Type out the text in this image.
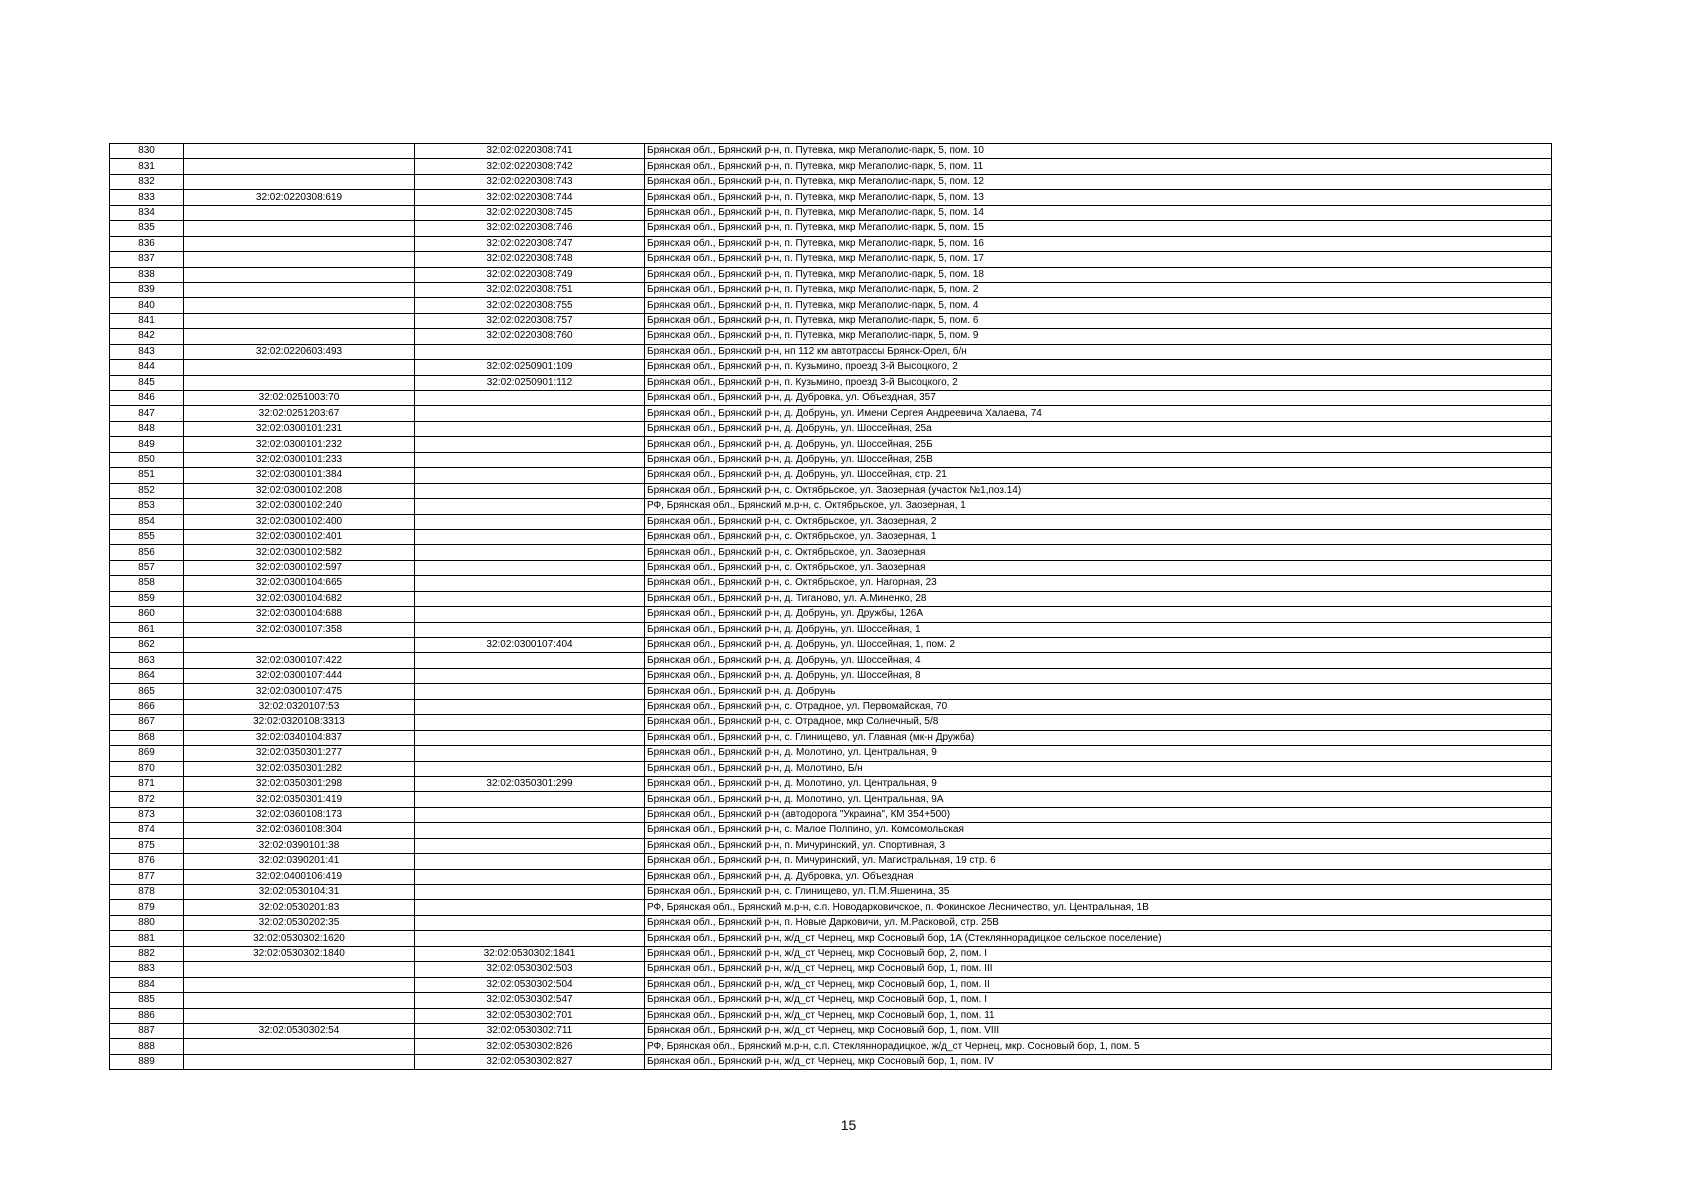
830		32:02:0220308:741	Брянская обл., Брянский р-н, п. Путевка, мкр Мегаполис-парк, 5, пом. 10
831		32:02:0220308:742	Брянская обл., Брянский р-н, п. Путевка, мкр Мегаполис-парк, 5, пом. 11
832		32:02:0220308:743	Брянская обл., Брянский р-н, п. Путевка, мкр Мегаполис-парк, 5, пом. 12
833	32:02:0220308:619	32:02:0220308:744	Брянская обл., Брянский р-н, п. Путевка, мкр Мегаполис-парк, 5, пом. 13
834		32:02:0220308:745	Брянская обл., Брянский р-н, п. Путевка, мкр Мегаполис-парк, 5, пом. 14
835		32:02:0220308:746	Брянская обл., Брянский р-н, п. Путевка, мкр Мегаполис-парк, 5, пом. 15
836		32:02:0220308:747	Брянская обл., Брянский р-н, п. Путевка, мкр Мегаполис-парк, 5, пом. 16
837		32:02:0220308:748	Брянская обл., Брянский р-н, п. Путевка, мкр Мегаполис-парк, 5, пом. 17
838		32:02:0220308:749	Брянская обл., Брянский р-н, п. Путевка, мкр Мегаполис-парк, 5, пом. 18
839		32:02:0220308:751	Брянская обл., Брянский р-н, п. Путевка, мкр Мегаполис-парк, 5, пом. 2
840		32:02:0220308:755	Брянская обл., Брянский р-н, п. Путевка, мкр Мегаполис-парк, 5, пом. 4
841		32:02:0220308:757	Брянская обл., Брянский р-н, п. Путевка, мкр Мегаполис-парк, 5, пом. 6
842		32:02:0220308:760	Брянская обл., Брянский р-н, п. Путевка, мкр Мегаполис-парк, 5, пом. 9
843	32:02:0220603:493		Брянская обл., Брянский р-н, нп 112 км автотрассы Брянск-Орел, б/н
844		32:02:0250901:109	Брянская обл., Брянский р-н, п. Кузьмино, проезд 3-й Высоцкого, 2
845		32:02:0250901:112	Брянская обл., Брянский р-н, п. Кузьмино, проезд 3-й Высоцкого, 2
846	32:02:0251003:70		Брянская обл., Брянский р-н, д. Дубровка, ул. Объездная, 357
847	32:02:0251203:67		Брянская обл., Брянский р-н, д. Добрунь, ул. Имени Сергея Андреевича Халаева, 74
848	32:02:0300101:231		Брянская обл., Брянский р-н, д. Добрунь, ул. Шоссейная, 25а
849	32:02:0300101:232		Брянская обл., Брянский р-н, д. Добрунь, ул. Шоссейная, 25Б
850	32:02:0300101:233		Брянская обл., Брянский р-н, д. Добрунь, ул. Шоссейная, 25В
851	32:02:0300101:384		Брянская обл., Брянский р-н, д. Добрунь, ул. Шоссейная, стр. 21
852	32:02:0300102:208		Брянская обл., Брянский р-н, с. Октябрьское, ул. Заозерная (участок №1,поз.14)
853	32:02:0300102:240		РФ, Брянская обл., Брянский м.р-н, с. Октябрьское, ул. Заозерная, 1
854	32:02:0300102:400		Брянская обл., Брянский р-н, с. Октябрьское, ул. Заозерная, 2
855	32:02:0300102:401		Брянская обл., Брянский р-н, с. Октябрьское, ул. Заозерная, 1
856	32:02:0300102:582		Брянская обл., Брянский р-н, с. Октябрьское, ул. Заозерная
857	32:02:0300102:597		Брянская обл., Брянский р-н, с. Октябрьское, ул. Заозерная
858	32:02:0300104:665		Брянская обл., Брянский р-н, с. Октябрьское, ул. Нагорная, 23
859	32:02:0300104:682		Брянская обл., Брянский р-н, д. Тиганово, ул. А.Миненко, 28
860	32:02:0300104:688		Брянская обл., Брянский р-н, д. Добрунь, ул. Дружбы, 126А
861	32:02:0300107:358		Брянская обл., Брянский р-н, д. Добрунь, ул. Шоссейная, 1
862		32:02:0300107:404	Брянская обл., Брянский р-н, д. Добрунь, ул. Шоссейная, 1, пом. 2
863	32:02:0300107:422		Брянская обл., Брянский р-н, д. Добрунь, ул. Шоссейная, 4
864	32:02:0300107:444		Брянская обл., Брянский р-н, д. Добрунь, ул. Шоссейная, 8
865	32:02:0300107:475		Брянская обл., Брянский р-н, д. Добрунь
866	32:02:0320107:53		Брянская обл., Брянский р-н, с. Отрадное, ул. Первомайская, 70
867	32:02:0320108:3313		Брянская обл., Брянский р-н, с. Отрадное, мкр Солнечный, 5/8
868	32:02:0340104:837		Брянская обл., Брянский р-н, с. Глинищево, ул. Главная (мк-н Дружба)
869	32:02:0350301:277		Брянская обл., Брянский р-н, д. Молотино, ул. Центральная, 9
870	32:02:0350301:282		Брянская обл., Брянский р-н, д. Молотино, Б/н
871	32:02:0350301:298	32:02:0350301:299	Брянская обл., Брянский р-н, д. Молотино, ул. Центральная, 9
872	32:02:0350301:419		Брянская обл., Брянский р-н, д. Молотино, ул. Центральная, 9А
873	32:02:0360108:173		Брянская обл., Брянский р-н (автодорога "Украина", КМ 354+500)
874	32:02:0360108:304		Брянская обл., Брянский р-н, с. Малое Полпино, ул. Комсомольская
875	32:02:0390101:38		Брянская обл., Брянский р-н, п. Мичуринский, ул. Спортивная, 3
876	32:02:0390201:41		Брянская обл., Брянский р-н, п. Мичуринский, ул. Магистральная, 19 стр. 6
877	32:02:0400106:419		Брянская обл., Брянский р-н, д. Дубровка, ул. Объездная
878	32:02:0530104:31		Брянская обл., Брянский р-н, с. Глинищево, ул. П.М.Яшенина, 35
879	32:02:0530201:83		РФ, Брянская обл., Брянский м.р-н, с.п. Новодарковичское, п. Фокинское Лесничество, ул. Центральная, 1В
880	32:02:0530202:35		Брянская обл., Брянский р-н, п. Новые Дарковичи, ул. М.Расковой, стр. 25В
881	32:02:0530302:1620		Брянская обл., Брянский р-н, ж/д_ст Чернец, мкр Сосновый бор, 1А (Стекляннорадицкое сельское поселение)
882	32:02:0530302:1840	32:02:0530302:1841	Брянская обл., Брянский р-н, ж/д_ст Чернец, мкр Сосновый бор, 2, пом. I
883		32:02:0530302:503	Брянская обл., Брянский р-н, ж/д_ст Чернец, мкр Сосновый бор, 1, пом. III
884		32:02:0530302:504	Брянская обл., Брянский р-н, ж/д_ст Чернец, мкр Сосновый бор, 1, пом. II
885		32:02:0530302:547	Брянская обл., Брянский р-н, ж/д_ст Чернец, мкр Сосновый бор, 1, пом. I
886		32:02:0530302:701	Брянская обл., Брянский р-н, ж/д_ст Чернец, мкр Сосновый бор, 1, пом. 11
887	32:02:0530302:54	32:02:0530302:711	Брянская обл., Брянский р-н, ж/д_ст Чернец, мкр Сосновый бор, 1, пом. VIII
888		32:02:0530302:826	РФ, Брянская обл., Брянский м.р-н, с.п. Стекляннорадицкое, ж/д_ст Чернец, мкр. Сосновый бор, 1, пом. 5
889		32:02:0530302:827	Брянская обл., Брянский р-н, ж/д_ст Чернец, мкр Сосновый бор, 1, пом. IV
15
